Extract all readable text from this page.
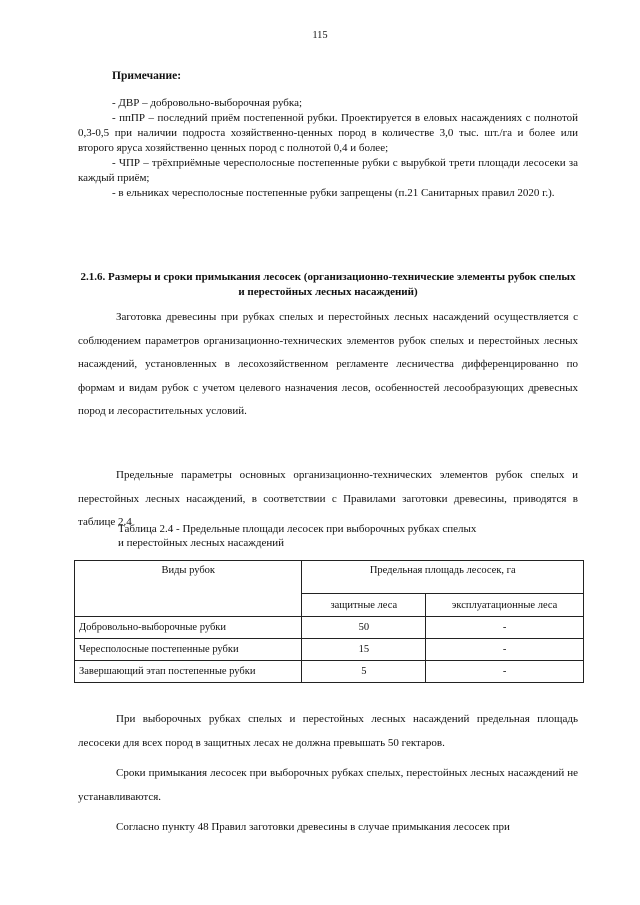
115
Примечание:

- ДВР – добровольно-выборочная рубка;

- ппПР – последний приём постепенной рубки. Проектируется в еловых насаждениях с полнотой 0,3-0,5 при наличии подроста хозяйственно-ценных пород в количестве 3,0 тыс. шт./га и более или второго яруса хозяйственно ценных пород с полнотой 0,4 и более;

- ЧПР – трёхприёмные чересполосные постепенные рубки с вырубкой трети площади лесосеки за каждый приём;

- в ельниках чересполосные постепенные рубки запрещены (п.21 Санитарных правил 2020 г.).

2.1.6. Размеры и сроки примыкания лесосек (организационно-технические элементы рубок спелых и перестойных лесных насаждений)

Заготовка древесины при рубках спелых и перестойных лесных насаждений осуществляется с соблюдением параметров организационно-технических элементов рубок спелых и перестойных лесных насаждений, установленных в лесохозяйственном регламенте лесничества дифференцированно по формам и видам рубок с учетом целевого назначения лесов, особенностей лесообразующих древесных пород и лесорастительных условий.

Предельные параметры основных организационно-технических элементов рубок спелых и перестойных лесных насаждений, в соответствии с Правилами заготовки древесины, приводятся в таблице 2.4

Таблица 2.4 - Предельные площади лесосек при выборочных рубках спелых
и перестойных лесных насаждений
Виды рубок	Предельная площадь лесосек, га	
	защитные леса	эксплуатационные леса
Добровольно-выборочные рубки	50	-
Чересполосные постепенные рубки	15	-
Завершающий этап постепенные рубки	5	-

При выборочных рубках спелых и перестойных лесных насаждений предельная площадь лесосеки для всех пород в защитных лесах не должна превышать 50 гектаров.

Сроки примыкания лесосек при выборочных рубках спелых, перестойных лесных насаждений не устанавливаются.

Согласно пункту 48 Правил заготовки древесины в случае примыкания лесосек при
